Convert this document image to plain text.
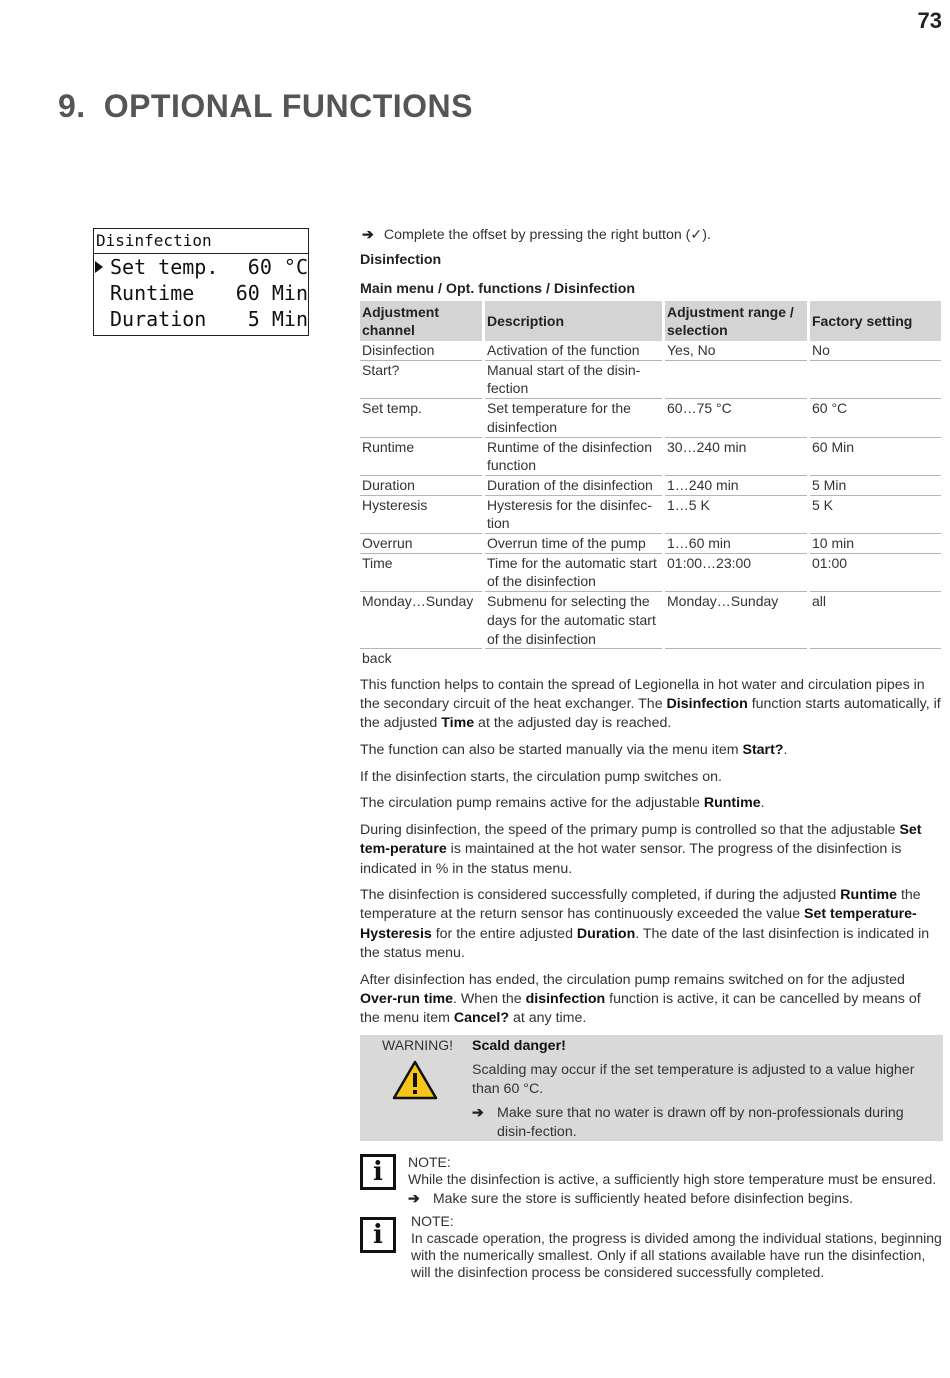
73
9. OPTIONAL FUNCTIONS
Disinfection
Set temp. 60 °C
Runtime 60 Min
Duration 5 Min
➔ Complete the offset by pressing the right button (✓).
Disinfection
Main menu / Opt. functions / Disinfection
Adjustment channel	Description	Adjustment range / selection	Factory setting
Disinfection	Activation of the function	Yes, No	No
Start?	Manual start of the disin-fection		
Set temp.	Set temperature for the disinfection	60…75 °C	60 °C
Runtime	Runtime of the disinfection function	30…240 min	60 Min
Duration	Duration of the disinfection	1…240 min	5 Min
Hysteresis	Hysteresis for the disinfec-tion	1…5 K	5 K
Overrun	Overrun time of the pump	1…60 min	10 min
Time	Time for the automatic start of the disinfection	01:00…23:00	01:00
Monday…Sunday	Submenu for selecting the days for the automatic start of the disinfection	Monday…Sunday	all
back			

This function helps to contain the spread of Legionella in hot water and circulation pipes in the secondary circuit of the heat exchanger. The Disinfection function starts automatically, if the adjusted Time at the adjusted day is reached.

The function can also be started manually via the menu item Start?.

If the disinfection starts, the circulation pump switches on.

The circulation pump remains active for the adjustable Runtime.

During disinfection, the speed of the primary pump is controlled so that the adjustable Set tem-perature is maintained at the hot water sensor. The progress of the disinfection is indicated in % in the status menu.

The disinfection is considered successfully completed, if during the adjusted Runtime the temperature at the return sensor has continuously exceeded the value Set temperature-Hysteresis for the entire adjusted Duration. The date of the last disinfection is indicated in the status menu.

After disinfection has ended, the circulation pump remains switched on for the adjusted Over-run time. When the disinfection function is active, it can be cancelled by means of the menu item Cancel? at any time.

WARNING! Scald danger!
Scalding may occur if the set temperature is adjusted to a value higher than 60 °C.
➔ Make sure that no water is drawn off by non-professionals during disin-fection.
i	NOTE:
While the disinfection is active, a sufficiently high store temperature must be ensured.
➔ Make sure the store is sufficiently heated before disinfection begins.
i	NOTE:
In cascade operation, the progress is divided among the individual stations, beginning with the numerically smallest. Only if all stations available have run the disinfection, will the disinfection process be considered successfully completed.
